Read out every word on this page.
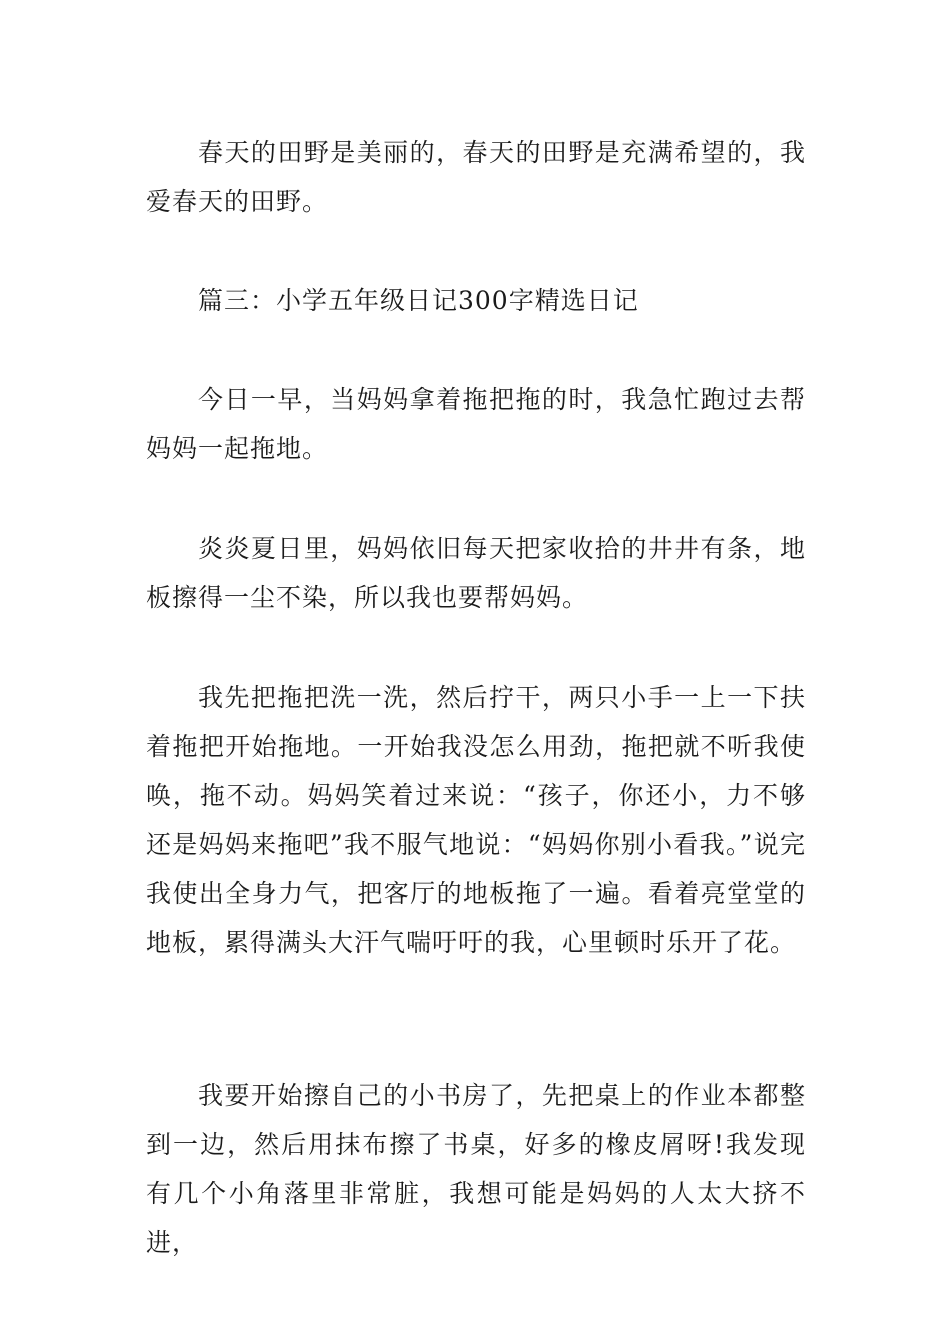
春天的田野是美丽的，春天的田野是充满希望的，我爱春天的田野。

篇三：小学五年级日记300字精选日记

今日一早，当妈妈拿着拖把拖的时，我急忙跑过去帮妈妈一起拖地。

炎炎夏日里，妈妈依旧每天把家收拾的井井有条，地板擦得一尘不染，所以我也要帮妈妈。

我先把拖把洗一洗，然后拧干，两只小手一上一下扶着拖把开始拖地。一开始我没怎么用劲，拖把就不听我使唤，拖不动。妈妈笑着过来说：“孩子，你还小，力不够还是妈妈来拖吧”我不服气地说：“妈妈你别小看我。”说完我使出全身力气，把客厅的地板拖了一遍。看着亮堂堂的地板，累得满头大汗气喘吁吁的我，心里顿时乐开了花。

我要开始擦自己的小书房了，先把桌上的作业本都整到一边，然后用抹布擦了书桌，好多的橡皮屑呀!我发现有几个小角落里非常脏，我想可能是妈妈的人太大挤不进，
